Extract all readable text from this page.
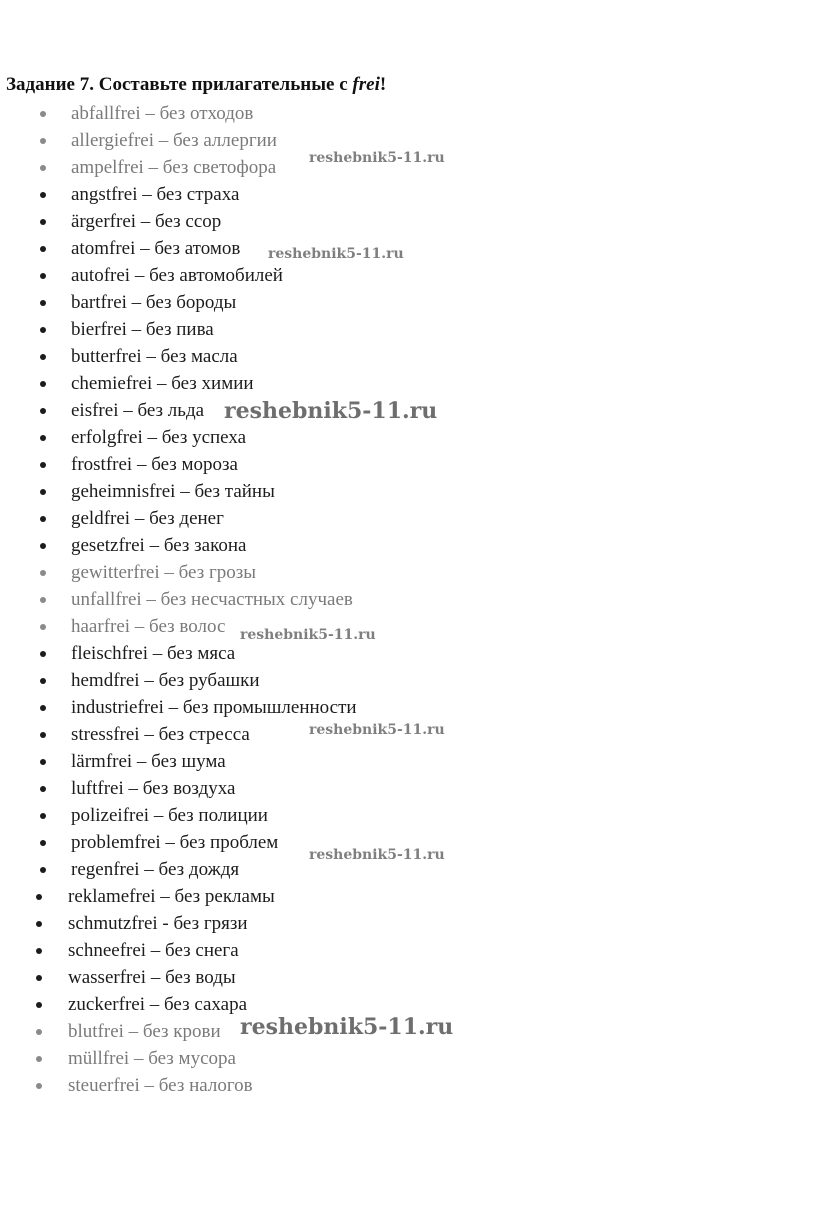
Задание 7. Составьте прилагательные с frei!
abfallfrei – без отходов
allergiefrei – без аллергии
ampelfrei – без светофора
angstfrei – без страха
ärgerfrei – без ссор
atomfrei – без атомов
autofrei – без автомобилей
bartfrei – без бороды
bierfrei – без пива
butterfrei – без масла
chemiefrei – без химии
eisfrei – без льда
erfolgfrei – без успеха
frostfrei – без мороза
geheimnisfrei – без тайны
geldfrei – без денег
gesetzfrei – без закона
gewitterfrei – без грозы
unfallfrei – без несчастных случаев
haarfrei – без волос
fleischfrei – без мяса
hemdfrei – без рубашки
industriefrei – без промышленности
stressfrei – без стресса
lärmfrei – без шума
luftfrei – без воздуха
polizeifrei – без полиции
problemfrei – без проблем
regenfrei – без дождя
reklamefrei – без рекламы
schmutzfrei - без грязи
schneefrei – без снега
wasserfrei – без воды
zuckerfrei – без сахара
blutfrei – без крови
müllfrei – без мусора
steuerfrei – без налогов
reshebnik5-11.ru
reshebnik5-11.ru
reshebnik5-11.ru
reshebnik5-11.ru
reshebnik5-11.ru
reshebnik5-11.ru
reshebnik5-11.ru
